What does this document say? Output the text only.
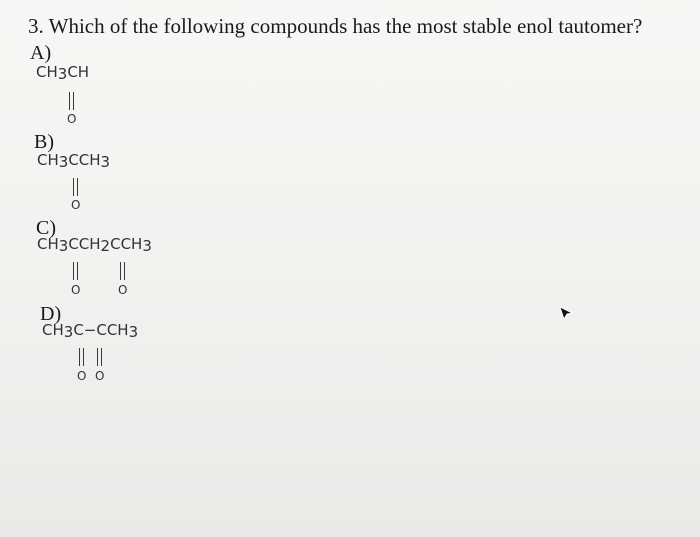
3. Which of the following compounds has the most stable enol tautomer?

A)
$CH_3CH$
O
B)
$CH_3CCH_3$
O
C)
$CH_3CCH_2CCH_3$
O	O
D)
$CH_3C-CCH_3$
O O
